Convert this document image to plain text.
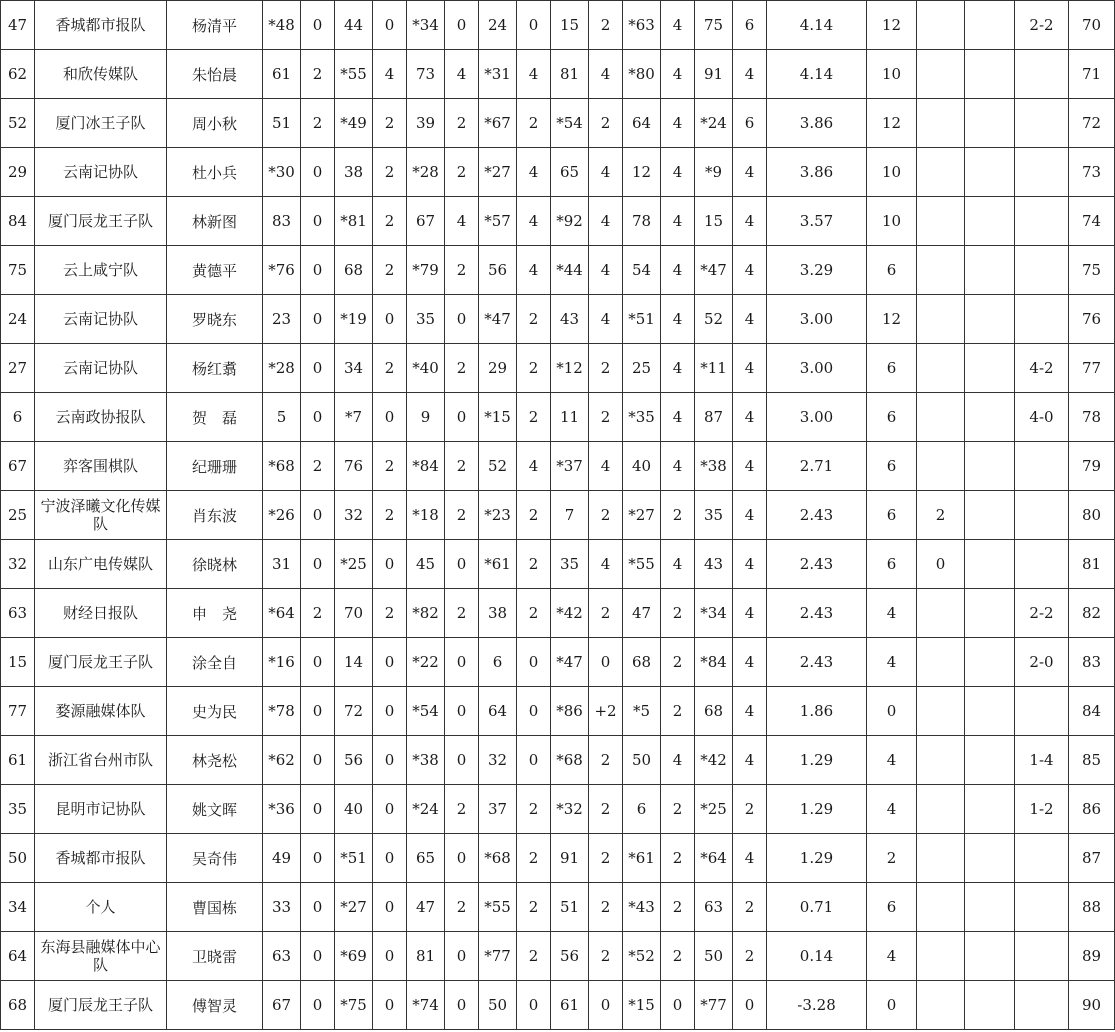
47	香城都市报队	杨清平	*48	0	44	0	*34	0	24	0	15	2	*63	4	75	6	4.14	12			2-2	70
62	和欣传媒队	朱怡晨	61	2	*55	4	73	4	*31	4	81	4	*80	4	91	4	4.14	10				71
52	厦门冰王子队	周小秋	51	2	*49	2	39	2	*67	2	*54	2	64	4	*24	6	3.86	12				72
29	云南记协队	杜小兵	*30	0	38	2	*28	2	*27	4	65	4	12	4	*9	4	3.86	10				73
84	厦门辰龙王子队	林新图	83	0	*81	2	67	4	*57	4	*92	4	78	4	15	4	3.57	10				74
75	云上咸宁队	黄德平	*76	0	68	2	*79	2	56	4	*44	4	54	4	*47	4	3.29	6				75
24	云南记协队	罗晓东	23	0	*19	0	35	0	*47	2	43	4	*51	4	52	4	3.00	12				76
27	云南记协队	杨红翥	*28	0	34	2	*40	2	29	2	*12	2	25	4	*11	4	3.00	6			4-2	77
6	云南政协报队	贺　磊	5	0	*7	0	9	0	*15	2	11	2	*35	4	87	4	3.00	6			4-0	78
67	弈客围棋队	纪珊珊	*68	2	76	2	*84	2	52	4	*37	4	40	4	*38	4	2.71	6				79
25	宁波泽曦文化传媒队	肖东波	*26	0	32	2	*18	2	*23	2	7	2	*27	2	35	4	2.43	6	2			80
32	山东广电传媒队	徐晓林	31	0	*25	0	45	0	*61	2	35	4	*55	4	43	4	2.43	6	0			81
63	财经日报队	申　尧	*64	2	70	2	*82	2	38	2	*42	2	47	2	*34	4	2.43	4			2-2	82
15	厦门辰龙王子队	涂全自	*16	0	14	0	*22	0	6	0	*47	0	68	2	*84	4	2.43	4			2-0	83
77	婺源融媒体队	史为民	*78	0	72	0	*54	0	64	0	*86	+2	*5	2	68	4	1.86	0				84
61	浙江省台州市队	林尧松	*62	0	56	0	*38	0	32	0	*68	2	50	4	*42	4	1.29	4			1-4	85
35	昆明市记协队	姚文晖	*36	0	40	0	*24	2	37	2	*32	2	6	2	*25	2	1.29	4			1-2	86
50	香城都市报队	吴奇伟	49	0	*51	0	65	0	*68	2	91	2	*61	2	*64	4	1.29	2				87
34	个人	曹国栋	33	0	*27	0	47	2	*55	2	51	2	*43	2	63	2	0.71	6				88
64	东海县融媒体中心队	卫晓雷	63	0	*69	0	81	0	*77	2	56	2	*52	2	50	2	0.14	4				89
68	厦门辰龙王子队	傅智灵	67	0	*75	0	*74	0	50	0	61	0	*15	0	*77	0	-3.28	0				90
